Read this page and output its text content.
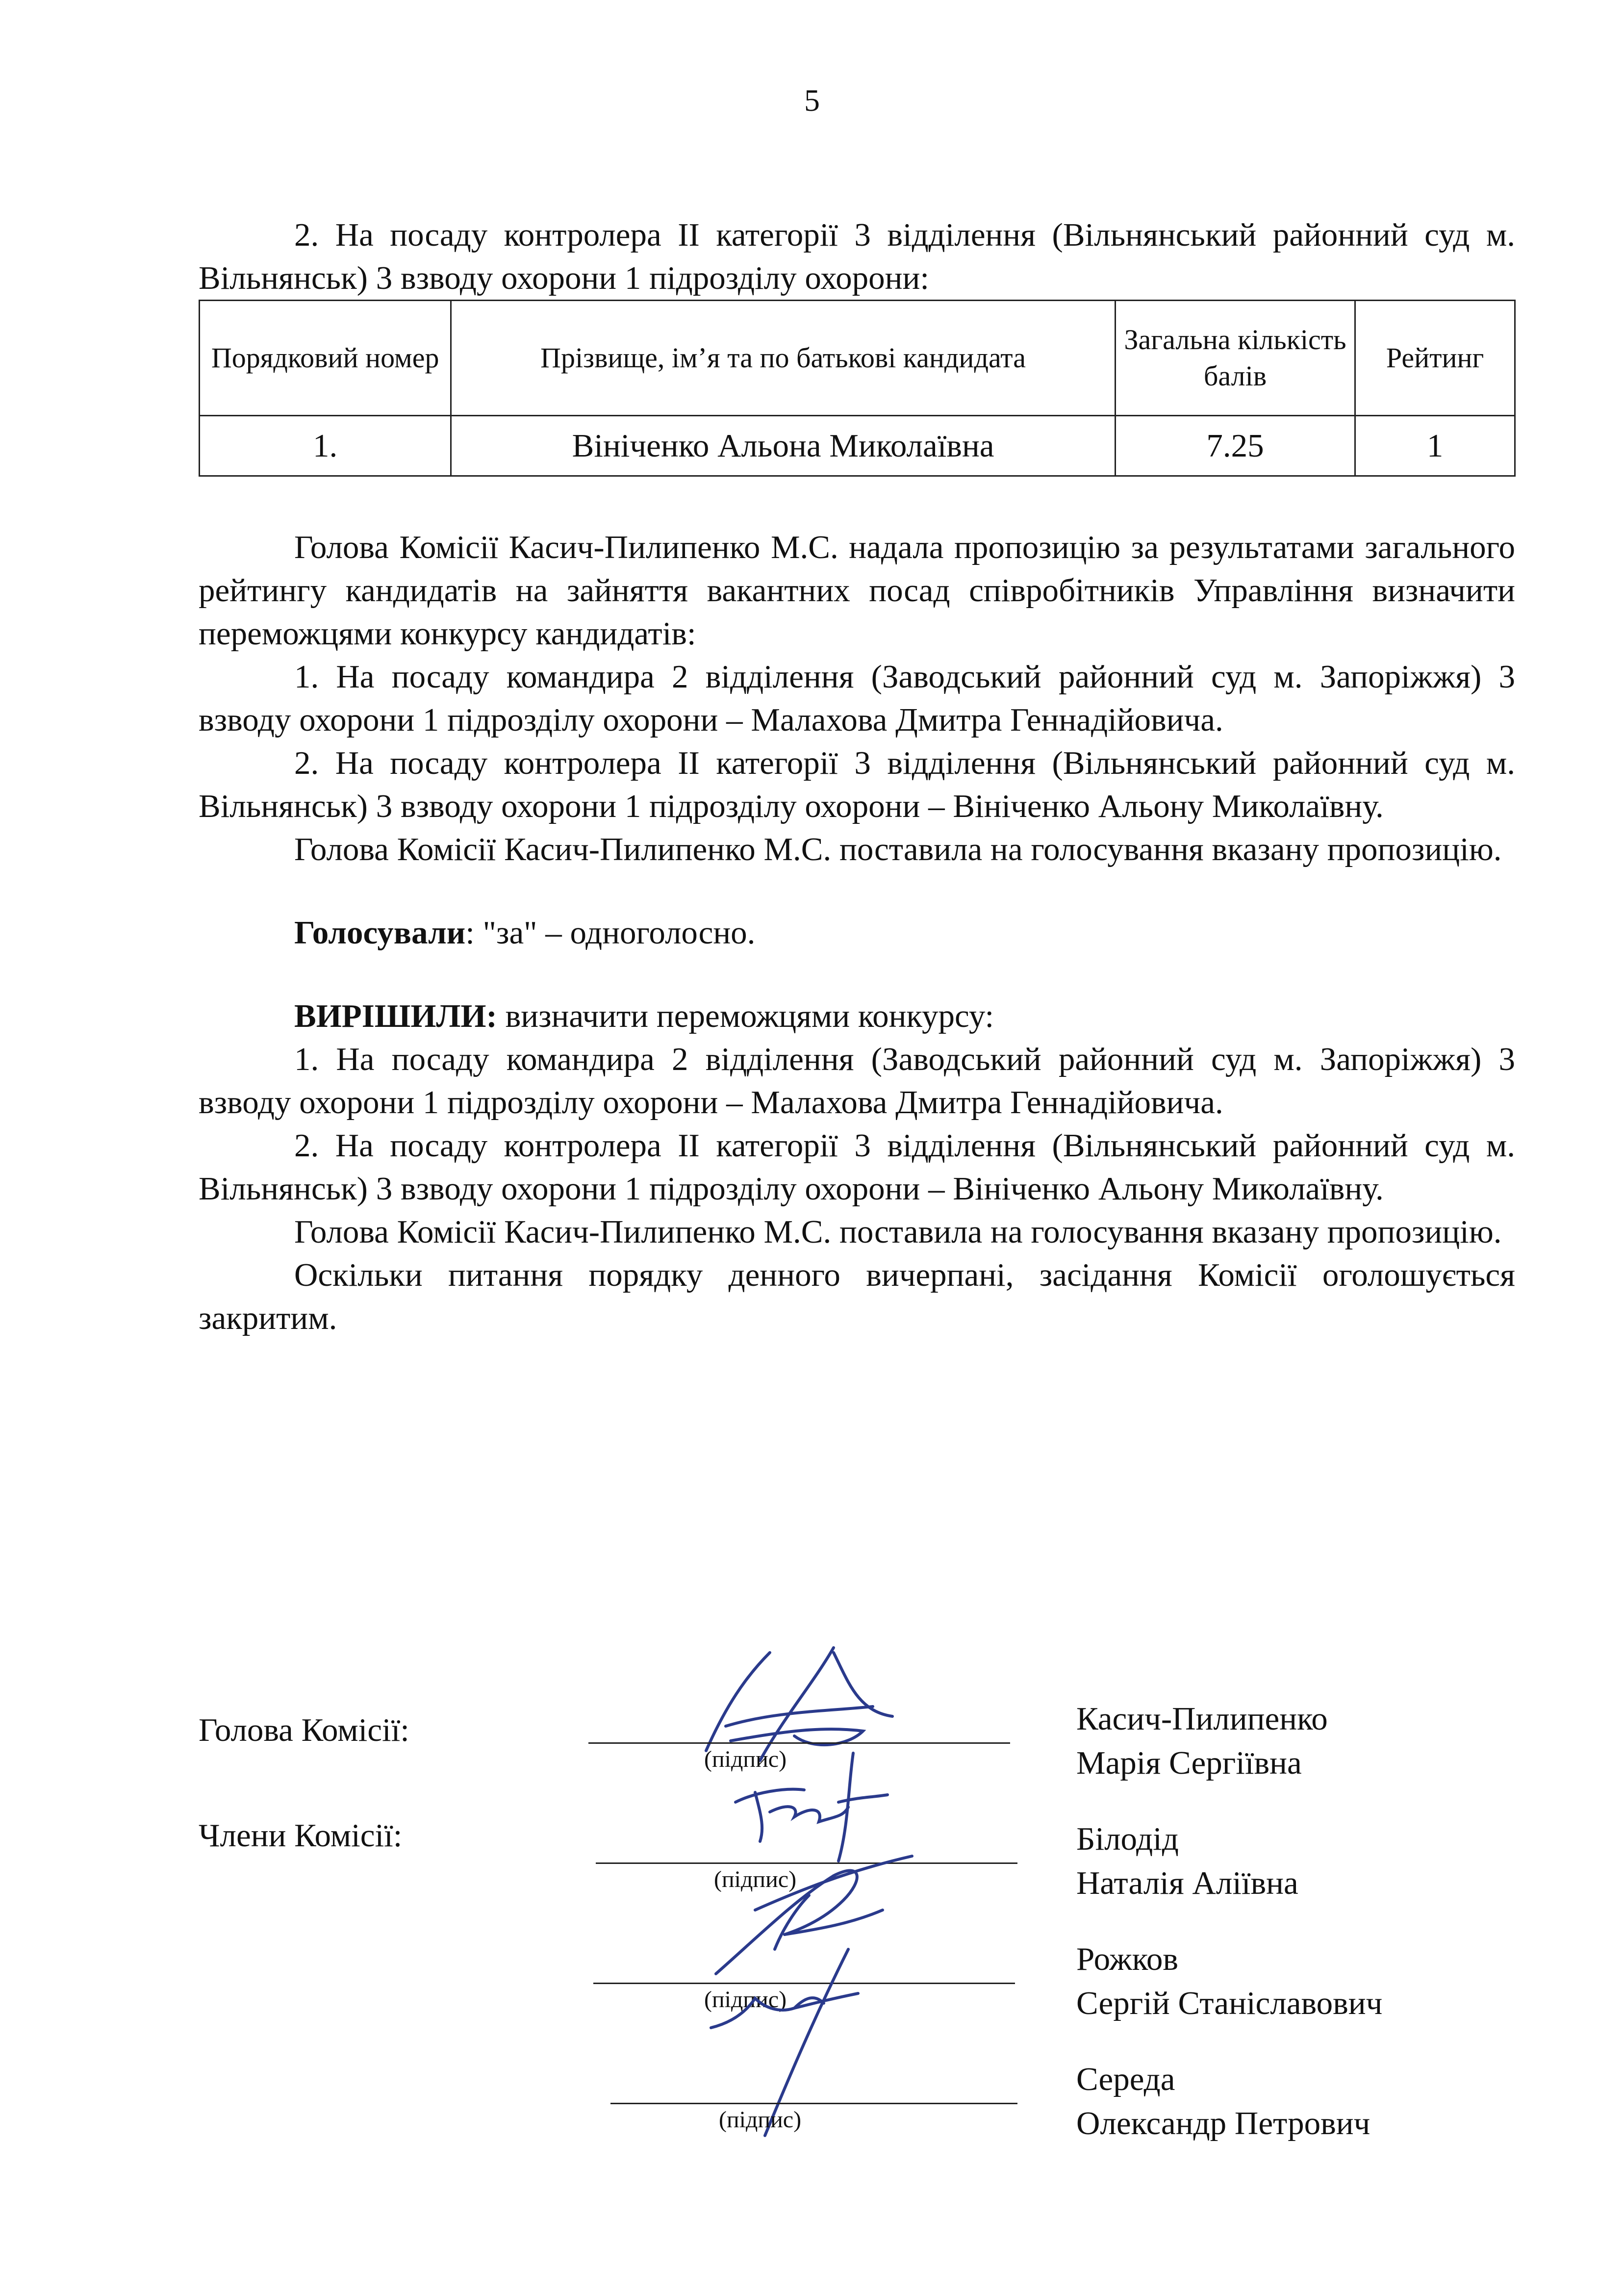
5

2. На посаду контролера ІІ категорії 3 відділення (Вільнянський районний суд м. Вільнянськ) 3 взводу охорони 1 підрозділу охорони:

Порядковий номер	Прізвище, ім’я та по батькові кандидата	Загальна кількість балів	Рейтинг
1.	Вініченко Альона Миколаївна	7.25	1

Голова Комісії Касич-Пилипенко М.С. надала пропозицію за результатами загального рейтингу кандидатів на зайняття вакантних посад співробітників Управління визначити переможцями конкурсу кандидатів:

1. На посаду командира 2 відділення (Заводський районний суд м. Запоріжжя) 3 взводу охорони 1 підрозділу охорони – Малахова Дмитра Геннадійовича.

2. На посаду контролера ІІ категорії 3 відділення (Вільнянський районний суд м. Вільнянськ) 3 взводу охорони 1 підрозділу охорони – Вініченко Альону Миколаївну.

Голова Комісії Касич-Пилипенко М.С. поставила на голосування вказану пропозицію.

Голосували: "за" – одноголосно.

ВИРІШИЛИ: визначити переможцями конкурсу:

1. На посаду командира 2 відділення (Заводський районний суд м. Запоріжжя) 3 взводу охорони 1 підрозділу охорони – Малахова Дмитра Геннадійовича.

2. На посаду контролера ІІ категорії 3 відділення (Вільнянський районний суд м. Вільнянськ) 3 взводу охорони 1 підрозділу охорони – Вініченко Альону Миколаївну.

Голова Комісії Касич-Пилипенко М.С. поставила на голосування вказану пропозицію.

Оскільки питання порядку денного вичерпані, засідання Комісії оголошується закритим.

Голова Комісії:
(підпис)
Касич-Пилипенко
Марія Сергіївна
Члени Комісії:
(підпис)
Білодід
Наталія Аліївна
(підпис)
Рожков
Сергій Станіславович
(підпис)
Середа
Олександр Петрович
